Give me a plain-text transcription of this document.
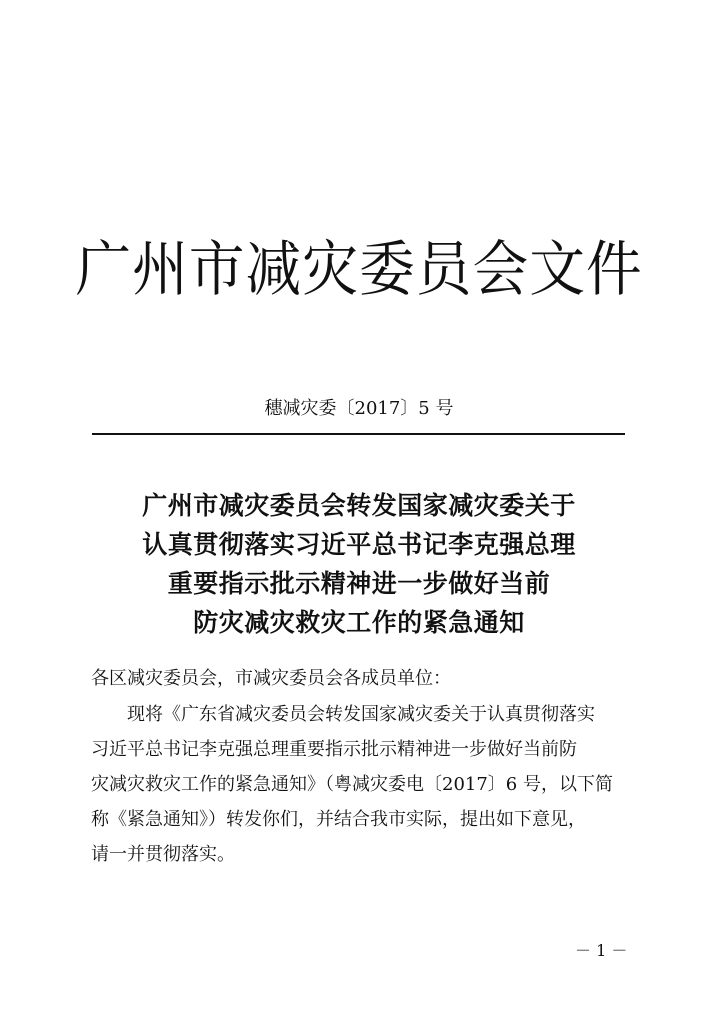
广州市减灾委员会文件
穗减灾委〔2017〕5 号
广州市减灾委员会转发国家减灾委关于
认真贯彻落实习近平总书记李克强总理
重要指示批示精神进一步做好当前
防灾减灾救灾工作的紧急通知
各区减灾委员会，市减灾委员会各成员单位：
现将《广东省减灾委员会转发国家减灾委关于认真贯彻落实
习近平总书记李克强总理重要指示批示精神进一步做好当前防
灾减灾救灾工作的紧急通知》（粤减灾委电〔2017〕6 号，以下简
称《紧急通知》）转发你们，并结合我市实际，提出如下意见，
请一并贯彻落实。
－ 1 －
